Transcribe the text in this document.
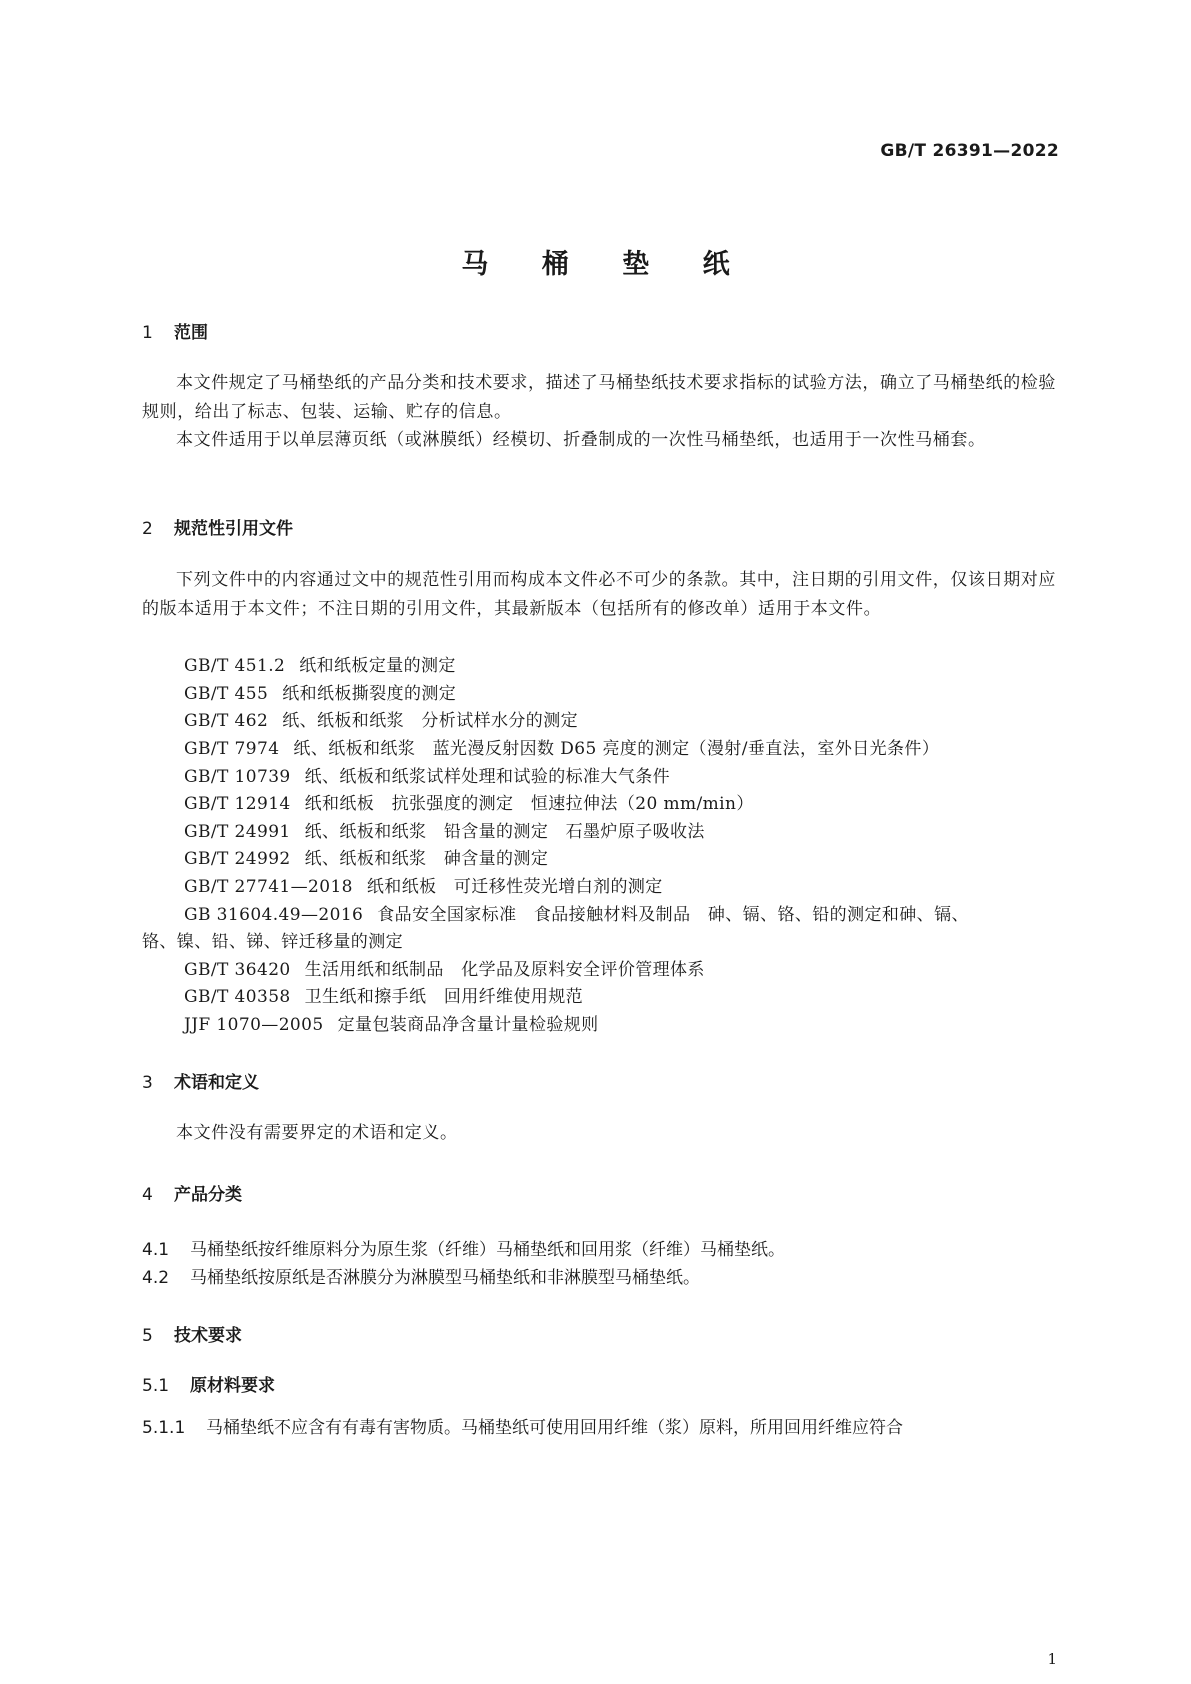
GB/T 26391—2022
马 桶 垫 纸
1 范围
本文件规定了马桶垫纸的产品分类和技术要求，描述了马桶垫纸技术要求指标的试验方法，确立了马桶垫纸的检验规则，给出了标志、包装、运输、贮存的信息。
本文件适用于以单层薄页纸（或淋膜纸）经模切、折叠制成的一次性马桶垫纸，也适用于一次性马桶套。
2 规范性引用文件
下列文件中的内容通过文中的规范性引用而构成本文件必不可少的条款。其中，注日期的引用文件，仅该日期对应的版本适用于本文件；不注日期的引用文件，其最新版本（包括所有的修改单）适用于本文件。
GB/T 451.2 纸和纸板定量的测定
GB/T 455 纸和纸板撕裂度的测定
GB/T 462 纸、纸板和纸浆　分析试样水分的测定
GB/T 7974 纸、纸板和纸浆　蓝光漫反射因数 D65 亮度的测定（漫射/垂直法，室外日光条件）
GB/T 10739 纸、纸板和纸浆试样处理和试验的标准大气条件
GB/T 12914 纸和纸板　抗张强度的测定　恒速拉伸法（20 mm/min）
GB/T 24991 纸、纸板和纸浆　铅含量的测定　石墨炉原子吸收法
GB/T 24992 纸、纸板和纸浆　砷含量的测定
GB/T 27741—2018 纸和纸板　可迁移性荧光增白剂的测定
GB 31604.49—2016 食品安全国家标准　食品接触材料及制品　砷、镉、铬、铅的测定和砷、镉、
铬、镍、铅、锑、锌迁移量的测定
GB/T 36420 生活用纸和纸制品　化学品及原料安全评价管理体系
GB/T 40358 卫生纸和擦手纸　回用纤维使用规范
JJF 1070—2005 定量包装商品净含量计量检验规则
3 术语和定义
本文件没有需要界定的术语和定义。
4 产品分类
4.1 马桶垫纸按纤维原料分为原生浆（纤维）马桶垫纸和回用浆（纤维）马桶垫纸。
4.2 马桶垫纸按原纸是否淋膜分为淋膜型马桶垫纸和非淋膜型马桶垫纸。
5 技术要求
5.1 原材料要求
5.1.1 马桶垫纸不应含有有毒有害物质。马桶垫纸可使用回用纤维（浆）原料，所用回用纤维应符合
1
